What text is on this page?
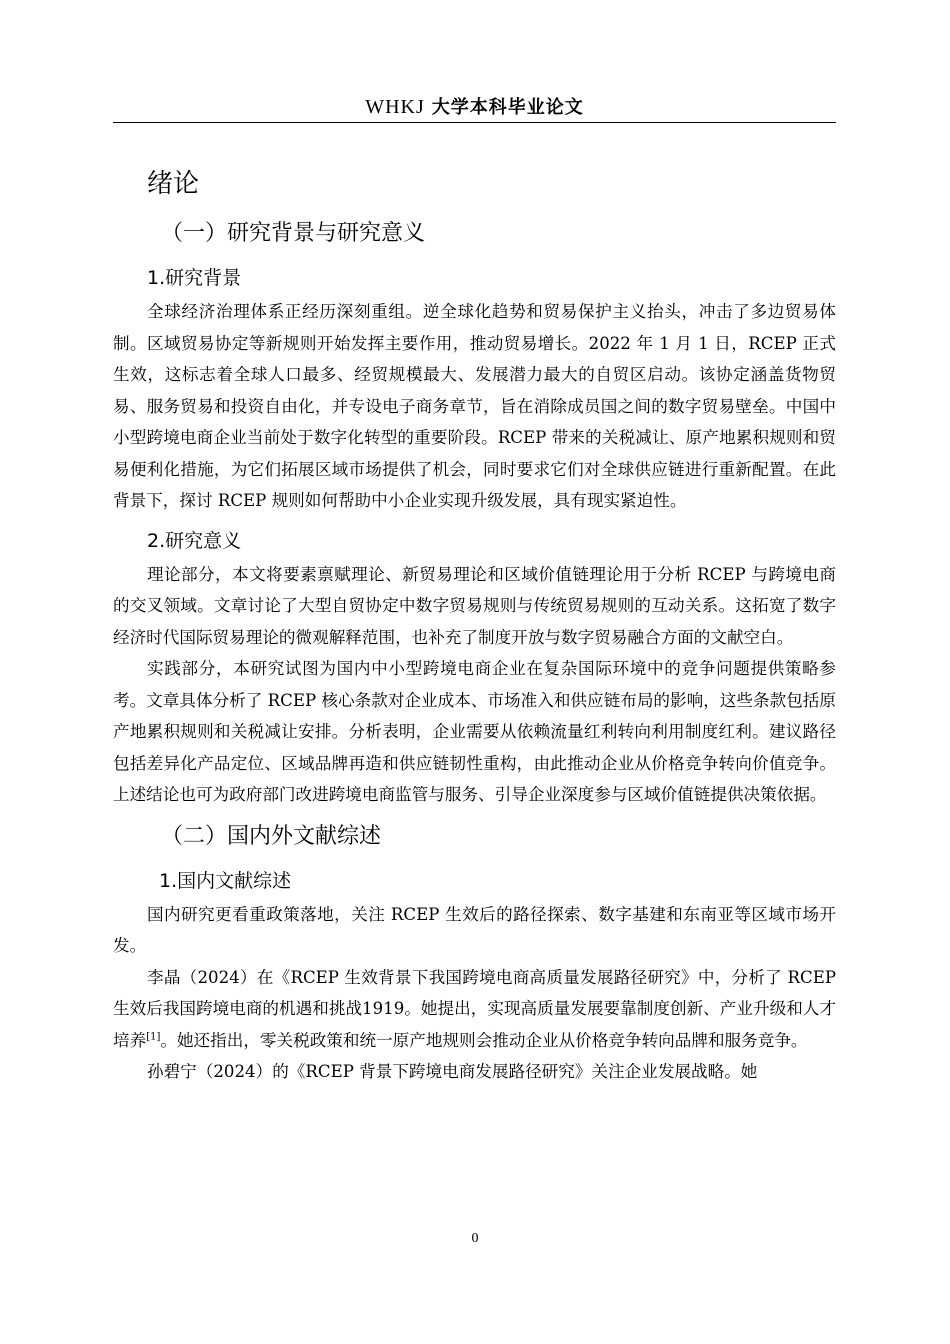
WHKJ 大学本科毕业论文
绪论
（一）研究背景与研究意义
1.研究背景

全球经济治理体系正经历深刻重组。逆全球化趋势和贸易保护主义抬头，冲击了多边贸易体制。区域贸易协定等新规则开始发挥主要作用，推动贸易增长。2022 年 1 月 1 日，RCEP 正式生效，这标志着全球人口最多、经贸规模最大、发展潜力最大的自贸区启动。该协定涵盖货物贸易、服务贸易和投资自由化，并专设电子商务章节，旨在消除成员国之间的数字贸易壁垒。中国中小型跨境电商企业当前处于数字化转型的重要阶段。RCEP 带来的关税减让、原产地累积规则和贸易便利化措施，为它们拓展区域市场提供了机会，同时要求它们对全球供应链进行重新配置。在此背景下，探讨 RCEP 规则如何帮助中小企业实现升级发展，具有现实紧迫性。

2.研究意义

理论部分，本文将要素禀赋理论、新贸易理论和区域价值链理论用于分析 RCEP 与跨境电商的交叉领域。文章讨论了大型自贸协定中数字贸易规则与传统贸易规则的互动关系。这拓宽了数字经济时代国际贸易理论的微观解释范围，也补充了制度开放与数字贸易融合方面的文献空白。

实践部分，本研究试图为国内中小型跨境电商企业在复杂国际环境中的竞争问题提供策略参考。文章具体分析了 RCEP 核心条款对企业成本、市场准入和供应链布局的影响，这些条款包括原产地累积规则和关税减让安排。分析表明，企业需要从依赖流量红利转向利用制度红利。建议路径包括差异化产品定位、区域品牌再造和供应链韧性重构，由此推动企业从价格竞争转向价值竞争。上述结论也可为政府部门改进跨境电商监管与服务、引导企业深度参与区域价值链提供决策依据。

（二）国内外文献综述
1.国内文献综述

国内研究更看重政策落地，关注 RCEP 生效后的路径探索、数字基建和东南亚等区域市场开发。

李晶（2024）在《RCEP 生效背景下我国跨境电商高质量发展路径研究》中，分析了 RCEP 生效后我国跨境电商的机遇和挑战1919。她提出，实现高质量发展要靠制度创新、产业升级和人才培养[1]。她还指出，零关税政策和统一原产地规则会推动企业从价格竞争转向品牌和服务竞争。

孙碧宁（2024）的《RCEP 背景下跨境电商发展路径研究》关注企业发展战略。她

0
